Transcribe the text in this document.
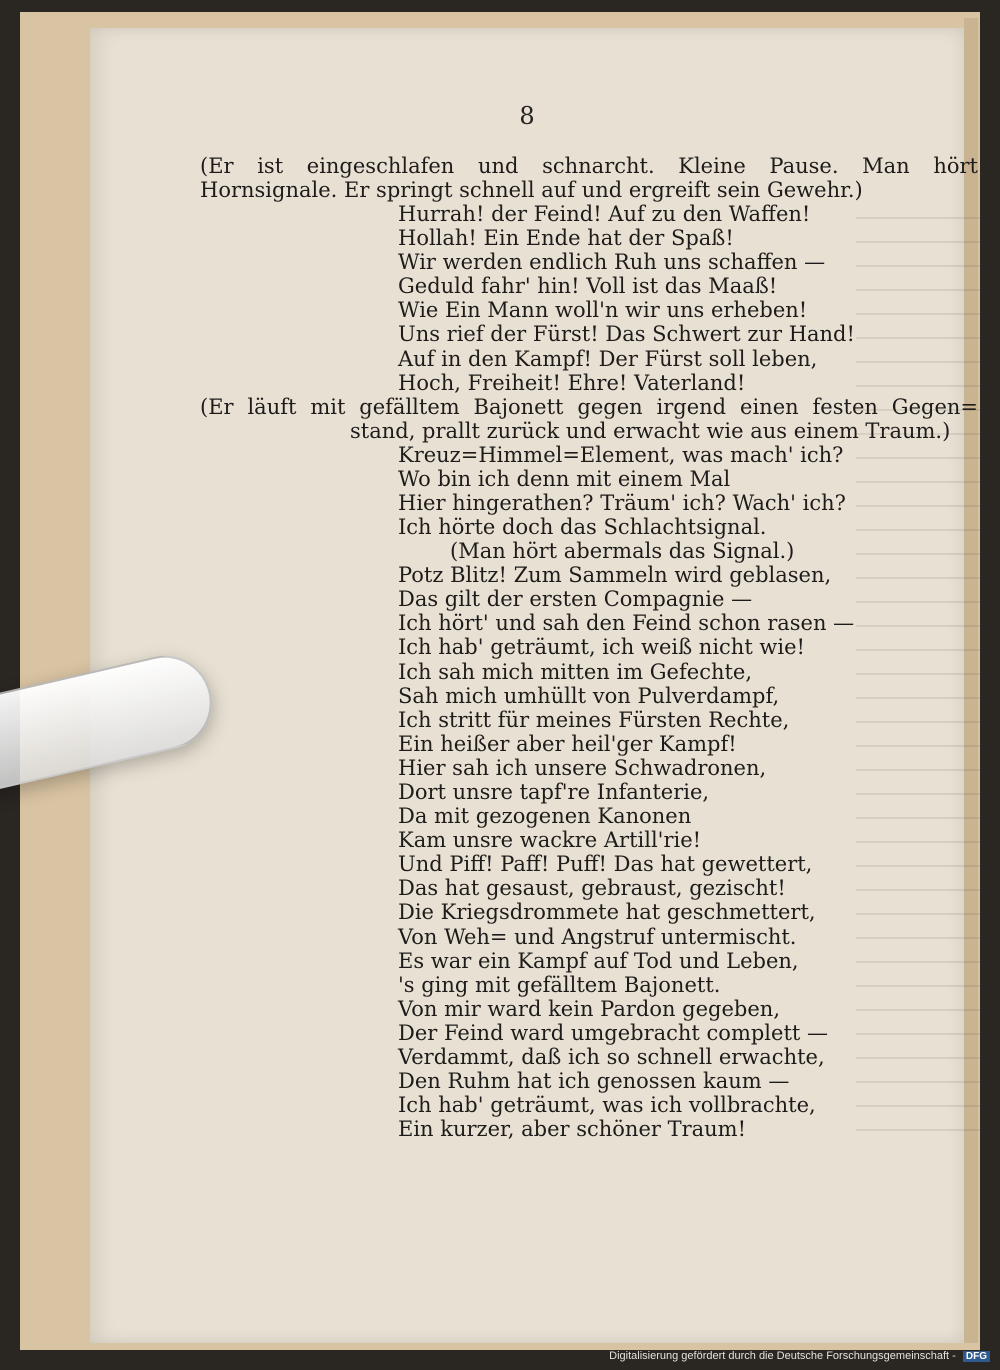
8
(Er ist eingeschlafen und schnarcht. Kleine Pause. Man hört
Hornsignale. Er springt schnell auf und ergreift sein Gewehr.)
Hurrah! der Feind! Auf zu den Waffen!
Hollah! Ein Ende hat der Spaß!
Wir werden endlich Ruh uns schaffen —
Geduld fahr' hin! Voll ist das Maaß!
Wie Ein Mann woll'n wir uns erheben!
Uns rief der Fürst! Das Schwert zur Hand!
Auf in den Kampf! Der Fürst soll leben,
Hoch, Freiheit! Ehre! Vaterland!
(Er läuft mit gefälltem Bajonett gegen irgend einen festen Gegen=
stand, prallt zurück und erwacht wie aus einem Traum.)
Kreuz=Himmel=Element, was mach' ich?
Wo bin ich denn mit einem Mal
Hier hingerathen? Träum' ich? Wach' ich?
Ich hörte doch das Schlachtsignal.
(Man hört abermals das Signal.)
Potz Blitz! Zum Sammeln wird geblasen,
Das gilt der ersten Compagnie —
Ich hört' und sah den Feind schon rasen —
Ich hab' geträumt, ich weiß nicht wie!
Ich sah mich mitten im Gefechte,
Sah mich umhüllt von Pulverdampf,
Ich stritt für meines Fürsten Rechte,
Ein heißer aber heil'ger Kampf!
Hier sah ich unsere Schwadronen,
Dort unsre tapf're Infanterie,
Da mit gezogenen Kanonen
Kam unsre wackre Artill'rie!
Und Piff! Paff! Puff! Das hat gewettert,
Das hat gesaust, gebraust, gezischt!
Die Kriegsdrommete hat geschmettert,
Von Weh= und Angstruf untermischt.
Es war ein Kampf auf Tod und Leben,
's ging mit gefälltem Bajonett.
Von mir ward kein Pardon gegeben,
Der Feind ward umgebracht complett —
Verdammt, daß ich so schnell erwachte,
Den Ruhm hat ich genossen kaum —
Ich hab' geträumt, was ich vollbrachte,
Ein kurzer, aber schöner Traum!
Digitalisierung gefördert durch die Deutsche Forschungsgemeinschaft - DFG
